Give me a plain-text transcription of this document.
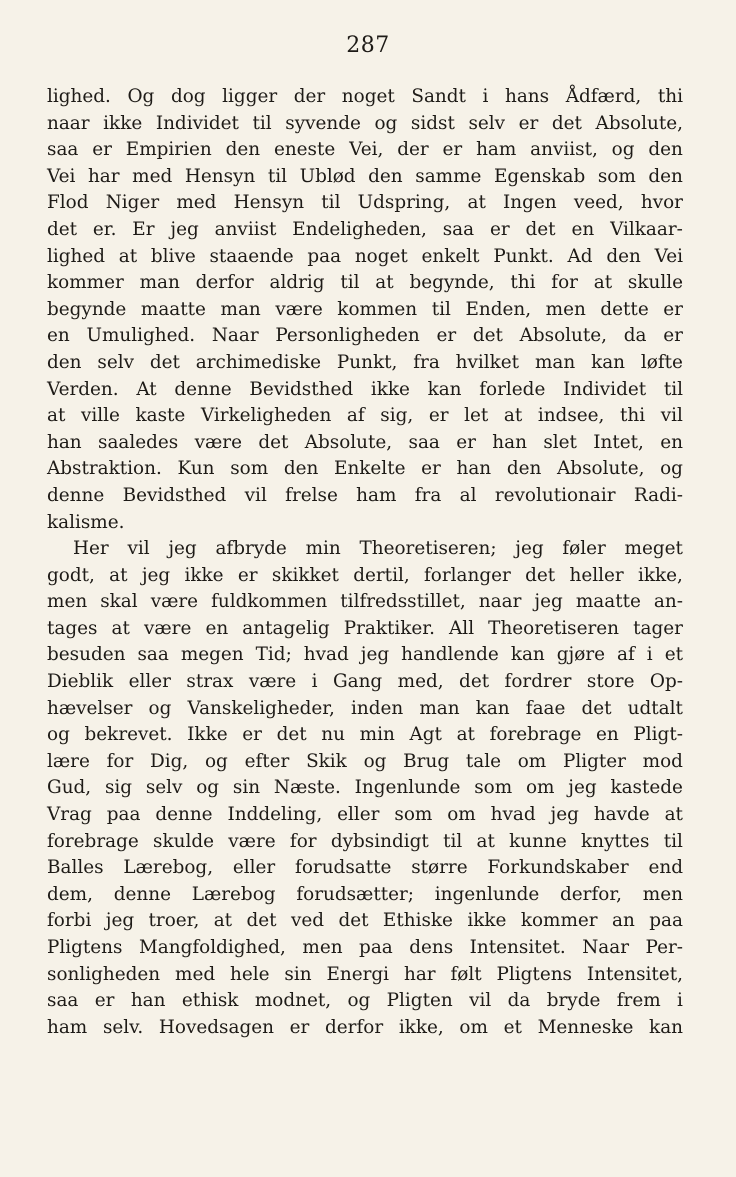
287
lighed. Og dog ligger der noget Sandt i hans Ådfærd, thi
naar ikke Individet til syvende og sidst selv er det Absolute,
saa er Empirien den eneste Vei, der er ham anviist, og den
Vei har med Hensyn til Ublød den samme Egenskab som den
Flod Niger med Hensyn til Udspring, at Ingen veed, hvor
det er. Er jeg anviist Endeligheden, saa er det en Vilkaar-
lighed at blive staaende paa noget enkelt Punkt. Ad den Vei
kommer man derfor aldrig til at begynde, thi for at skulle
begynde maatte man være kommen til Enden, men dette er
en Umulighed. Naar Personligheden er det Absolute, da er
den selv det archimediske Punkt, fra hvilket man kan løfte
Verden. At denne Bevidsthed ikke kan forlede Individet til
at ville kaste Virkeligheden af sig, er let at indsee, thi vil
han saaledes være det Absolute, saa er han slet Intet, en
Abstraktion. Kun som den Enkelte er han den Absolute, og
denne Bevidsthed vil frelse ham fra al revolutionair Radi-
kalisme.
Her vil jeg afbryde min Theoretiseren; jeg føler meget
godt, at jeg ikke er skikket dertil, forlanger det heller ikke,
men skal være fuldkommen tilfredsstillet, naar jeg maatte an-
tages at være en antagelig Praktiker. All Theoretiseren tager
besuden saa megen Tid; hvad jeg handlende kan gjøre af i et
Dieblik eller strax være i Gang med, det fordrer store Op-
hævelser og Vanskeligheder, inden man kan faae det udtalt
og bekrevet. Ikke er det nu min Agt at forebrage en Pligt-
lære for Dig, og efter Skik og Brug tale om Pligter mod
Gud, sig selv og sin Næste. Ingenlunde som om jeg kastede
Vrag paa denne Inddeling, eller som om hvad jeg havde at
forebrage skulde være for dybsindigt til at kunne knyttes til
Balles Lærebog, eller forudsatte større Forkundskaber end
dem, denne Lærebog forudsætter; ingenlunde derfor, men
forbi jeg troer, at det ved det Ethiske ikke kommer an paa
Pligtens Mangfoldighed, men paa dens Intensitet. Naar Per-
sonligheden med hele sin Energi har følt Pligtens Intensitet,
saa er han ethisk modnet, og Pligten vil da bryde frem i
ham selv. Hovedsagen er derfor ikke, om et Menneske kan
